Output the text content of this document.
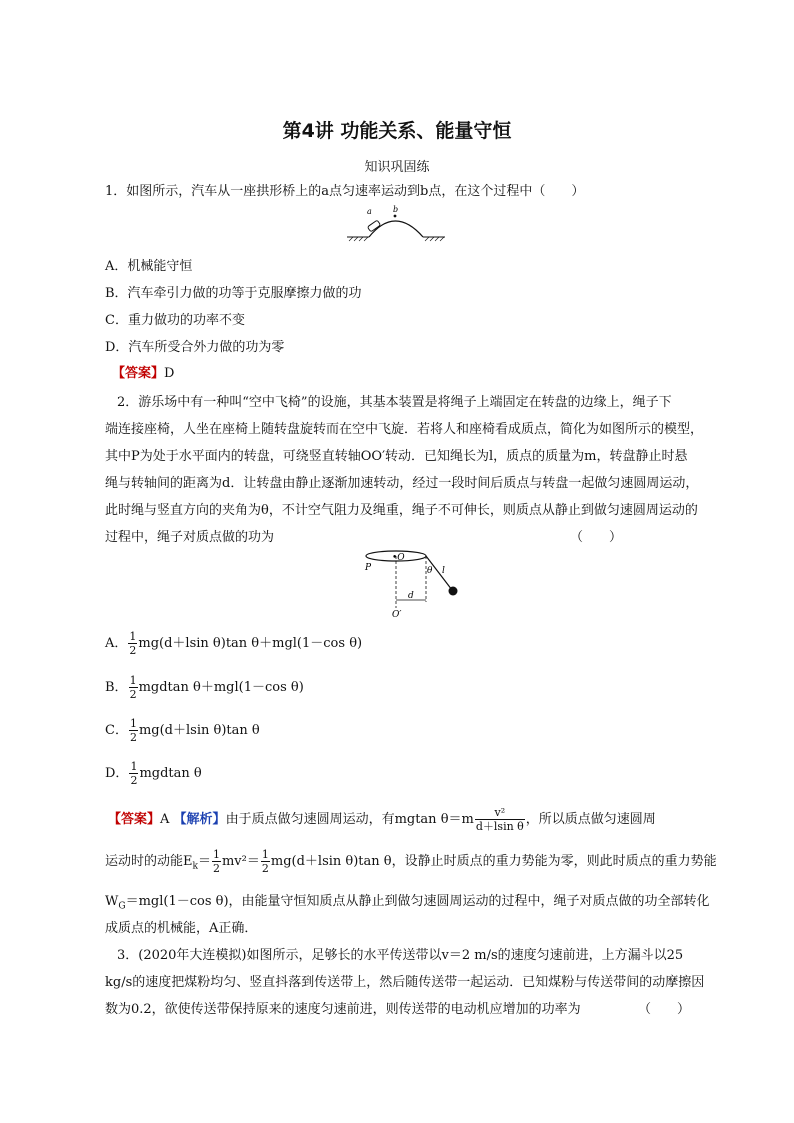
第4讲 功能关系、能量守恒
知识巩固练
1．如图所示，汽车从一座拱形桥上的a点匀速率运动到b点，在这个过程中（　　）
a	b
A．机械能守恒
B．汽车牵引力做的功等于克服摩擦力做的功
C．重力做功的功率不变
D．汽车所受合外力做的功为零
【答案】D
2．游乐场中有一种叫“空中飞椅”的设施，其基本装置是将绳子上端固定在转盘的边缘上，绳子下
端连接座椅，人坐在座椅上随转盘旋转而在空中飞旋．若将人和座椅看成质点，简化为如图所示的模型，
其中P为处于水平面内的转盘，可绕竖直转轴OO′转动．已知绳长为l，质点的质量为m，转盘静止时悬
绳与转轴间的距离为d．让转盘由静止逐渐加速转动，经过一段时间后质点与转盘一起做匀速圆周运动，
此时绳与竖直方向的夹角为θ，不计空气阻力及绳重，绳子不可伸长，则质点从静止到做匀速圆周运动的
过程中，绳子对质点做的功为	（　　）
•O
P	θ l
d
O′
A． $\frac{1}{2} mg(d+lsin$ θ)tan θ＋mgl(1－cos θ)
B． $\frac{1}{2}$ mgdtan θ＋mgl(1－cos θ)
C． $\frac{1}{2} mg(d+lsin$ θ)tan θ
D． $\frac{1}{2}$ mgdtan θ
【答案】A 【解析】由于质点做匀速圆周运动，有mgtan $\theta=m \frac{\text{v²}}{\text{d＋lsin θ}}$ ，所以质点做匀速圆周
运动时的动能$E_k= \frac{1}{2} mv^2= \frac{1}{2} mg(d+lsin$ θ)tan θ，设静止时质点的重力势能为零，则此时质点的重力势能
$W_G=mgl(1-\cos$ θ)，由能量守恒知质点从静止到做匀速圆周运动的过程中，绳子对质点做的功全部转化
成质点的机械能，A正确．
3．(2020年大连模拟)如图所示，足够长的水平传送带以v＝2 m/s的速度匀速前进，上方漏斗以25
kg/s的速度把煤粉均匀、竖直抖落到传送带上，然后随传送带一起运动．已知煤粉与传送带间的动摩擦因
数为0.2，欲使传送带保持原来的速度匀速前进，则传送带的电动机应增加的功率为	（　　）
